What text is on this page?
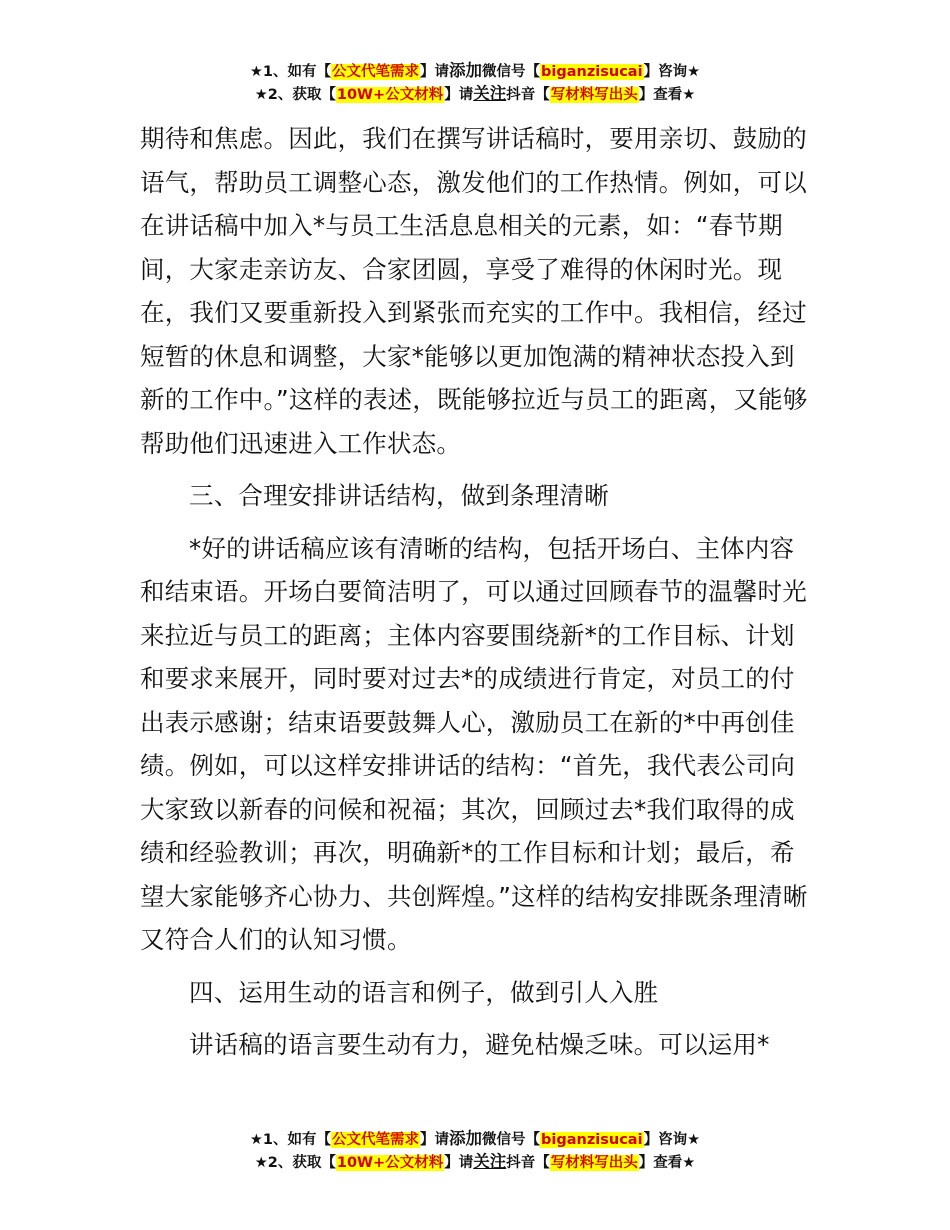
★1、如有【公文代笔需求】请添加微信号【biganzisucai】咨询★
★2、获取【10W+公文材料】请关注抖音【写材料写出头】查看★

期待和焦虑。因此，我们在撰写讲话稿时，要用亲切、鼓励的语气，帮助员工调整心态，激发他们的工作热情。例如，可以在讲话稿中加入*与员工生活息息相关的元素，如：“春节期间，大家走亲访友、合家团圆，享受了难得的休闲时光。现在，我们又要重新投入到紧张而充实的工作中。我相信，经过短暂的休息和调整，大家*能够以更加饱满的精神状态投入到新的工作中。”这样的表述，既能够拉近与员工的距离，又能够帮助他们迅速进入工作状态。

三、合理安排讲话结构，做到条理清晰

*好的讲话稿应该有清晰的结构，包括开场白、主体内容和结束语。开场白要简洁明了，可以通过回顾春节的温馨时光来拉近与员工的距离；主体内容要围绕新*的工作目标、计划和要求来展开，同时要对过去*的成绩进行肯定，对员工的付出表示感谢；结束语要鼓舞人心，激励员工在新的*中再创佳绩。例如，可以这样安排讲话的结构：“首先，我代表公司向大家致以新春的问候和祝福；其次，回顾过去*我们取得的成绩和经验教训；再次，明确新*的工作目标和计划；最后，希望大家能够齐心协力、共创辉煌。”这样的结构安排既条理清晰又符合人们的认知习惯。

四、运用生动的语言和例子，做到引人入胜

讲话稿的语言要生动有力，避免枯燥乏味。可以运用*

★1、如有【公文代笔需求】请添加微信号【biganzisucai】咨询★
★2、获取【10W+公文材料】请关注抖音【写材料写出头】查看★
